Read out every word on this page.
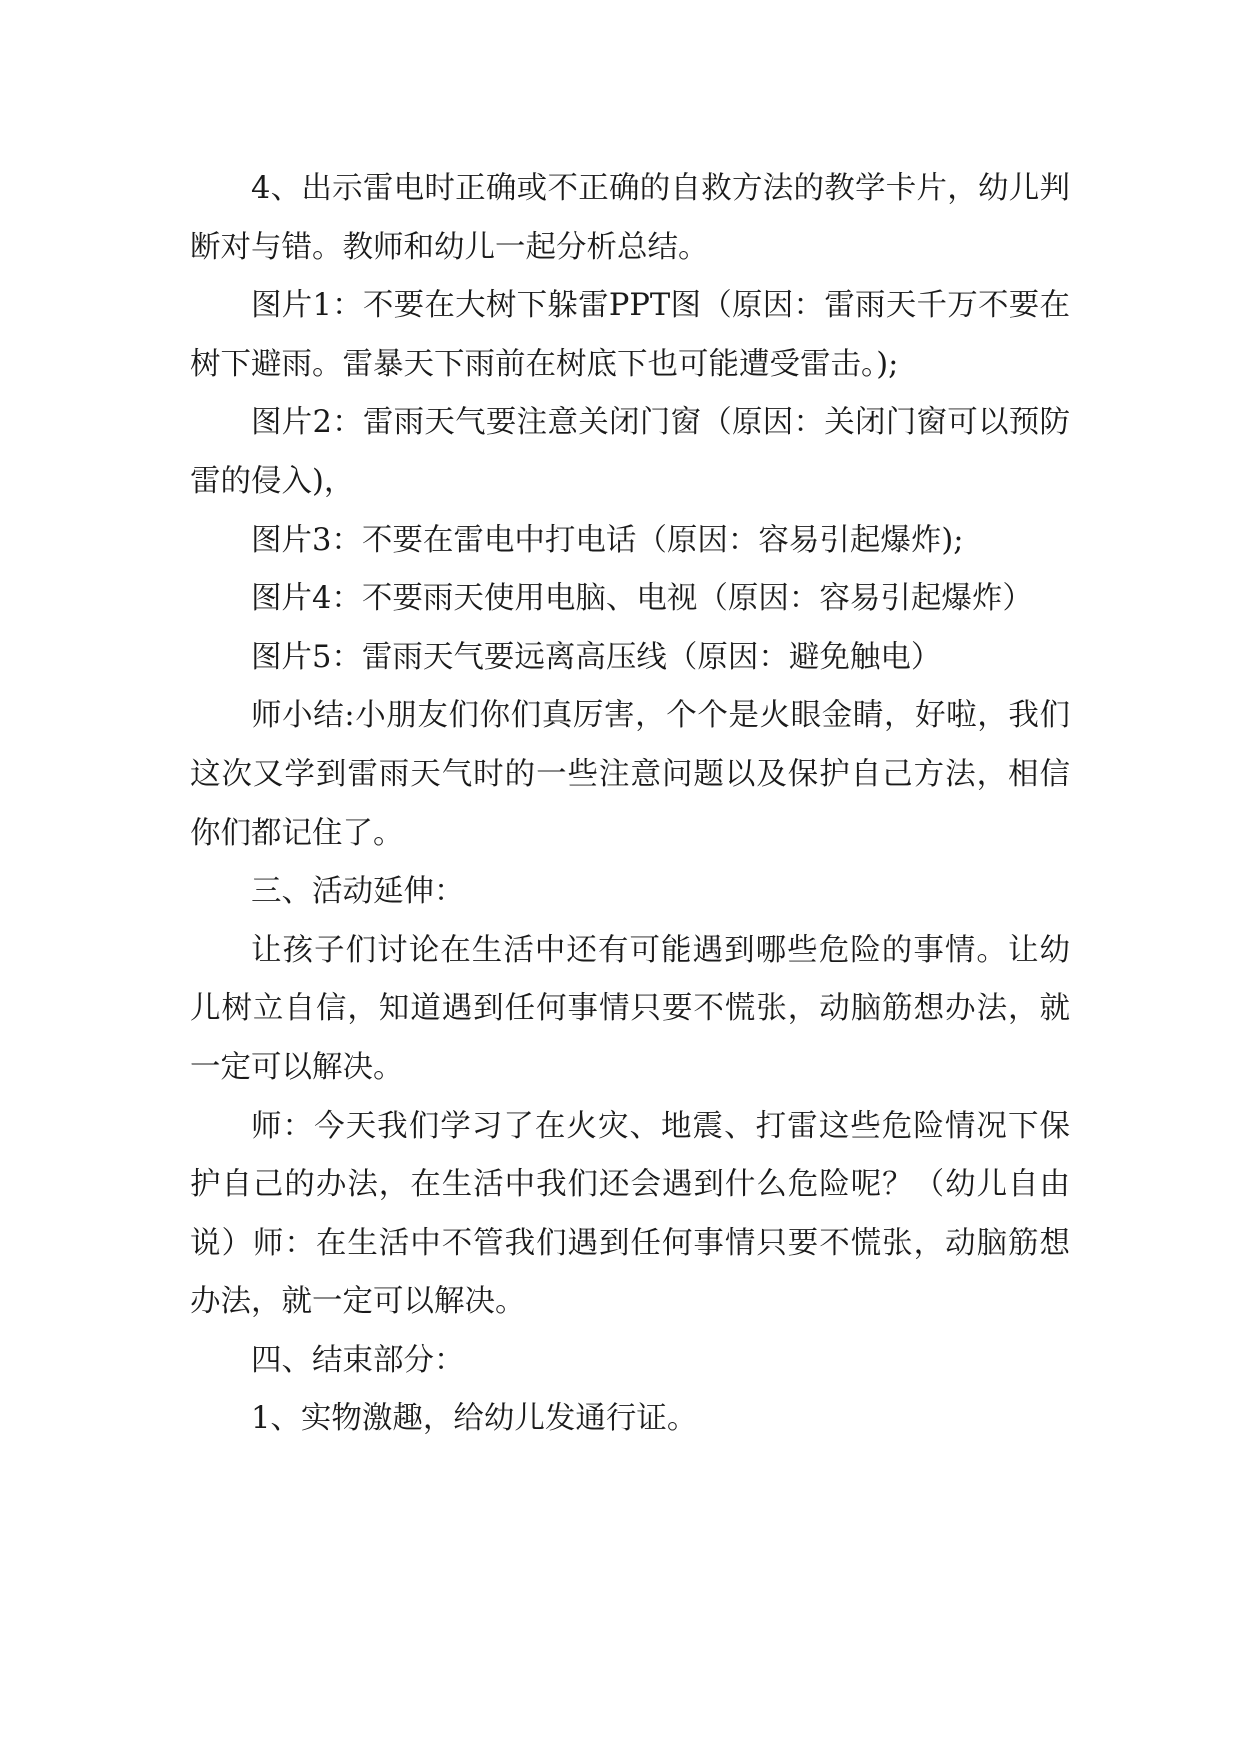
4、出示雷电时正确或不正确的自救方法的教学卡片，幼儿判断对与错。教师和幼儿一起分析总结。

图片1：不要在大树下躲雷PPT图（原因：雷雨天千万不要在树下避雨。雷暴天下雨前在树底下也可能遭受雷击。);

图片2：雷雨天气要注意关闭门窗（原因：关闭门窗可以预防雷的侵入)，

图片3：不要在雷电中打电话（原因：容易引起爆炸);

图片4：不要雨天使用电脑、电视（原因：容易引起爆炸）

图片5：雷雨天气要远离高压线（原因：避免触电）

师小结:小朋友们你们真厉害，个个是火眼金睛，好啦，我们这次又学到雷雨天气时的一些注意问题以及保护自己方法，相信你们都记住了。

三、活动延伸：

让孩子们讨论在生活中还有可能遇到哪些危险的事情。让幼儿树立自信，知道遇到任何事情只要不慌张，动脑筋想办法，就一定可以解决。

师：今天我们学习了在火灾、地震、打雷这些危险情况下保护自己的办法，在生活中我们还会遇到什么危险呢？（幼儿自由说）师：在生活中不管我们遇到任何事情只要不慌张，动脑筋想办法，就一定可以解决。

四、结束部分：

1、实物激趣，给幼儿发通行证。
